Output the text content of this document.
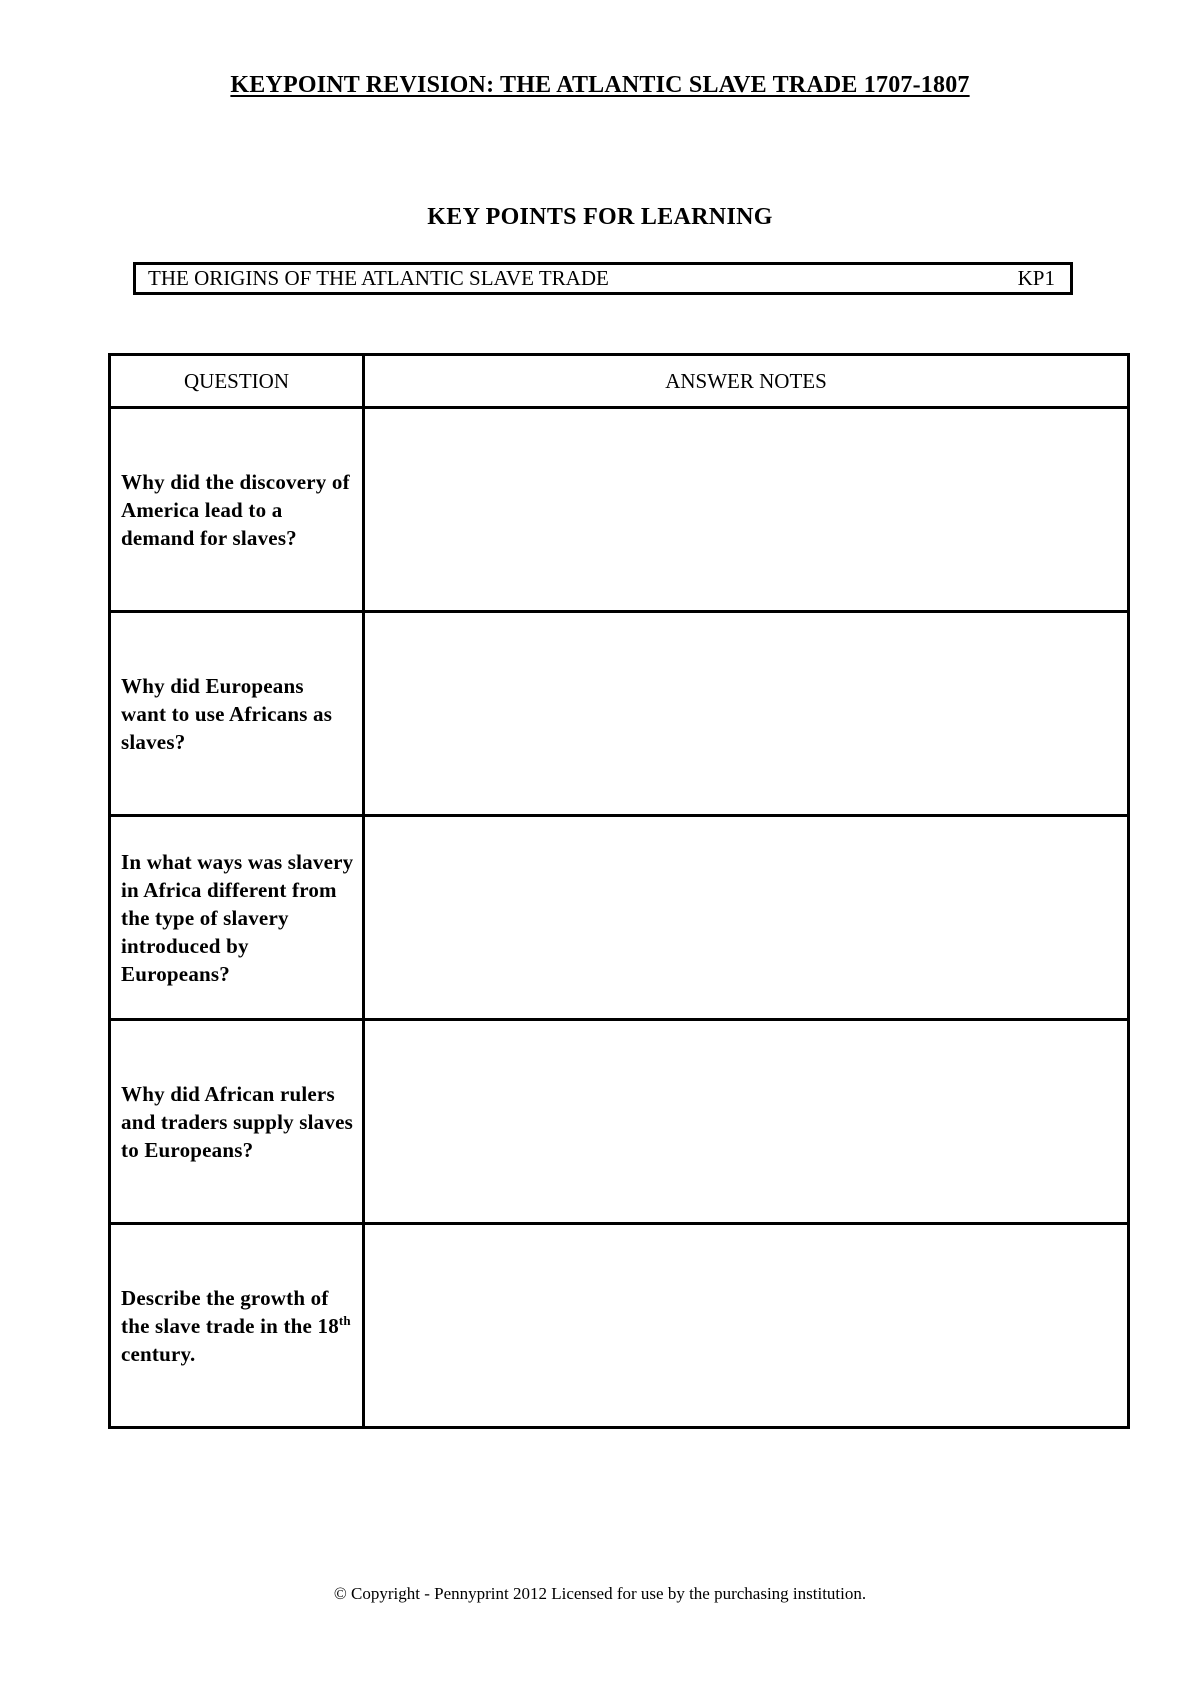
KEYPOINT REVISION: THE ATLANTIC SLAVE TRADE 1707-1807
KEY POINTS FOR LEARNING
THE ORIGINS OF THE ATLANTIC SLAVE TRADE	KP1
QUESTION	ANSWER NOTES

Why did the discovery of America lead to a demand for slaves?	

Why did Europeans want to use Africans as slaves?	

In what ways was slavery in Africa different from the type of slavery introduced by Europeans?	

Why did African rulers and traders supply slaves to Europeans?	

Describe the growth of the slave trade in the 18th century.	

© Copyright - Pennyprint 2012 Licensed for use by the purchasing institution.
